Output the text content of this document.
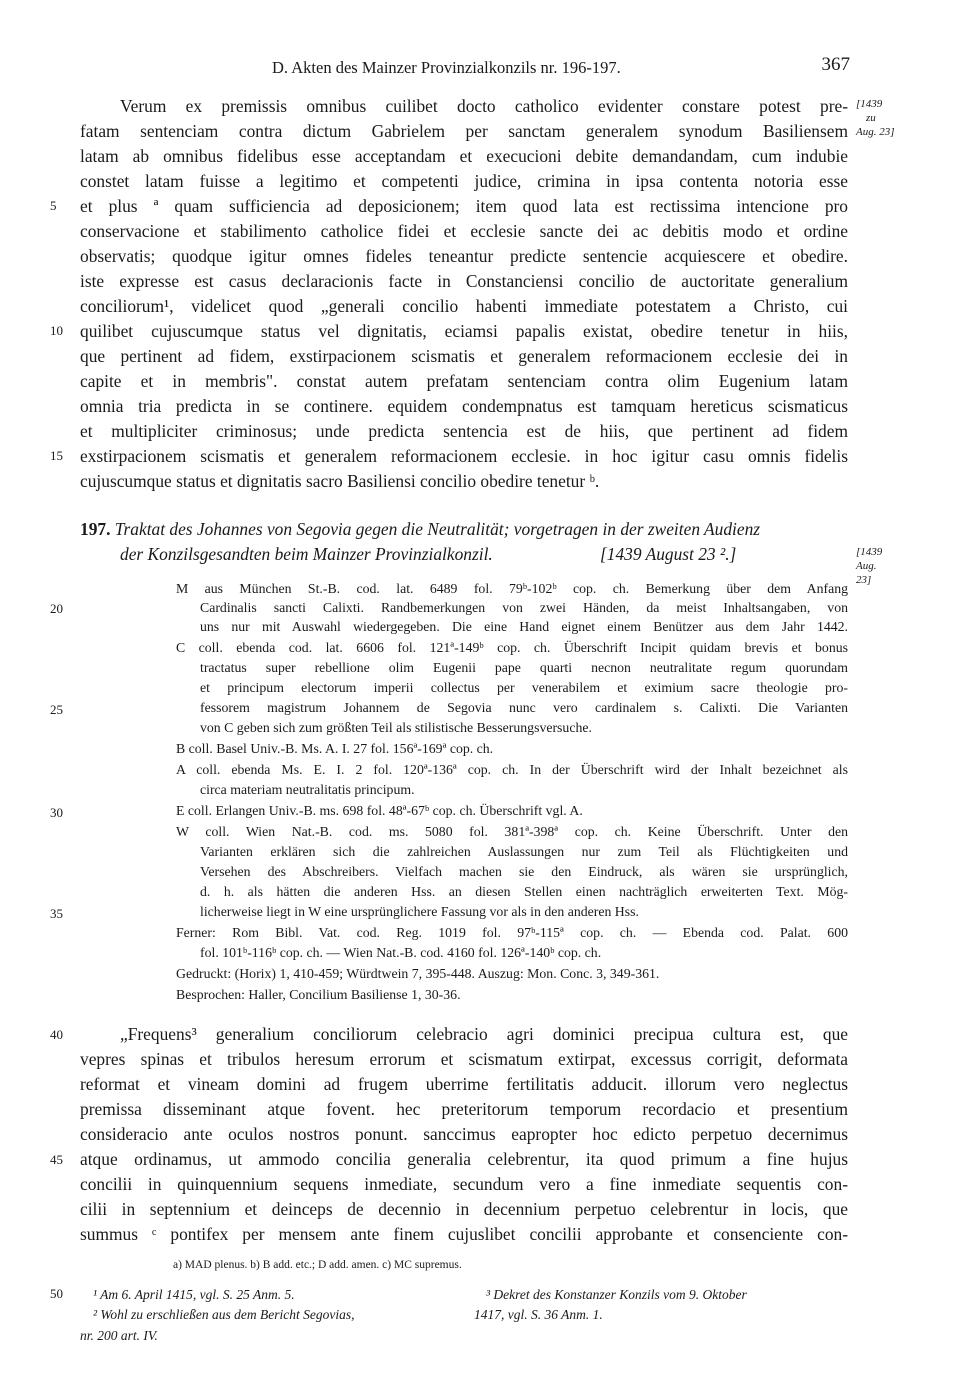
D. Akten des Mainzer Provinzialkonzils nr. 196-197.	367
[1439
zu
Aug. 23]
Verum ex premissis omnibus cuilibet docto catholico evidenter constare potest pre-
fatam sentenciam contra dictum Gabrielem per sanctam generalem synodum Basiliensem
latam ab omnibus fidelibus esse acceptandam et execucioni debite demandandam, cum indubie
constet latam fuisse a legitimo et competenti judice, crimina in ipsa contenta notoria esse
et plus ª quam sufficiencia ad deposicionem; item quod lata est rectissima intencione pro
conservacione et stabilimento catholice fidei et ecclesie sancte dei ac debitis modo et ordine
observatis; quodque igitur omnes fideles teneantur predicte sentencie acquiescere et obedire.
iste expresse est casus declaracionis facte in Constanciensi concilio de auctoritate generalium
conciliorum¹, videlicet quod „generali concilio habenti immediate potestatem a Christo, cui
quilibet cujuscumque status vel dignitatis, eciamsi papalis existat, obedire tenetur in hiis,
que pertinent ad fidem, exstirpacionem scismatis et generalem reformacionem ecclesie dei in
capite et in membris". constat autem prefatam sentenciam contra olim Eugenium latam
omnia tria predicta in se continere. equidem condempnatus est tamquam hereticus scismaticus
et multipliciter criminosus; unde predicta sentencia est de hiis, que pertinent ad fidem
exstirpacionem scismatis et generalem reformacionem ecclesie. in hoc igitur casu omnis fidelis
cujuscumque status et dignitatis sacro Basiliensi concilio obedire tenetur ᵇ.
5
10
15
197. Traktat des Johannes von Segovia gegen die Neutralität; vorgetragen in der zweiten Audienz
der Konzilsgesandten beim Mainzer Provinzialkonzil.	[1439 August 23 ².]	[1439
Aug.
23]
M aus München St.-B. cod. lat. 6489 fol. 79ᵇ-102ᵇ cop. ch. Bemerkung über dem Anfang
Cardinalis sancti Calixti. Randbemerkungen von zwei Händen, da meist Inhaltsangaben, von
uns nur mit Auswahl wiedergegeben. Die eine Hand eignet einem Benützer aus dem Jahr 1442.
C coll. ebenda cod. lat. 6606 fol. 121ª-149ᵇ cop. ch. Überschrift Incipit quidam brevis et bonus
tractatus super rebellione olim Eugenii pape quarti necnon neutralitate regum quorundam
et principum electorum imperii collectus per venerabilem et eximium sacre theologie pro-
fessorem magistrum Johannem de Segovia nunc vero cardinalem s. Calixti. Die Varianten
von C geben sich zum größten Teil als stilistische Besserungsversuche.
B coll. Basel Univ.-B. Ms. A. I. 27 fol. 156ª-169ª cop. ch.
A coll. ebenda Ms. E. I. 2 fol. 120ª-136ª cop. ch. In der Überschrift wird der Inhalt bezeichnet als
circa materiam neutralitatis principum.
E coll. Erlangen Univ.-B. ms. 698 fol. 48ª-67ᵇ cop. ch. Überschrift vgl. A.
W coll. Wien Nat.-B. cod. ms. 5080 fol. 381ª-398ª cop. ch. Keine Überschrift. Unter den
Varianten erklären sich die zahlreichen Auslassungen nur zum Teil als Flüchtigkeiten und
Versehen des Abschreibers. Vielfach machen sie den Eindruck, als wären sie ursprünglich,
d. h. als hätten die anderen Hss. an diesen Stellen einen nachträglich erweiterten Text. Mög-
licherweise liegt in W eine ursprünglichere Fassung vor als in den anderen Hss.
Ferner: Rom Bibl. Vat. cod. Reg. 1019 fol. 97ᵇ-115ª cop. ch. — Ebenda cod. Palat. 600
fol. 101ᵇ-116ᵇ cop. ch. — Wien Nat.-B. cod. 4160 fol. 126ª-140ᵇ cop. ch.
Gedruckt: (Horix) 1, 410-459; Würdtwein 7, 395-448. Auszug: Mon. Conc. 3, 349-361.
Besprochen: Haller, Concilium Basiliense 1, 30-36.
20
25
30
35
„Frequens³ generalium conciliorum celebracio agri dominici precipua cultura est, que
vepres spinas et tribulos heresum errorum et scismatum extirpat, excessus corrigit, deformata
reformat et vineam domini ad frugem uberrime fertilitatis adducit. illorum vero neglectus
premissa disseminant atque fovent. hec preteritorum temporum recordacio et presentium
consideracio ante oculos nostros ponunt. sanccimus eapropter hoc edicto perpetuo decernimus
atque ordinamus, ut ammodo concilia generalia celebrentur, ita quod primum a fine hujus
concilii in quinquennium sequens inmediate, secundum vero a fine inmediate sequentis con-
cilii in septennium et deinceps de decennio in decennium perpetuo celebrentur in locis, que
summus ᶜ pontifex per mensem ante finem cujuslibet concilii approbante et consenciente con-
40
45
a) MAD plenus. b) B add. etc.; D add. amen. c) MC supremus.
50	¹ Am 6. April 1415, vgl. S. 25 Anm. 5.
² Wohl zu erschließen aus dem Bericht Segovias,
nr. 200 art. IV.
³ Dekret des Konstanzer Konzils vom 9. Oktober
1417, vgl. S. 36 Anm. 1.
